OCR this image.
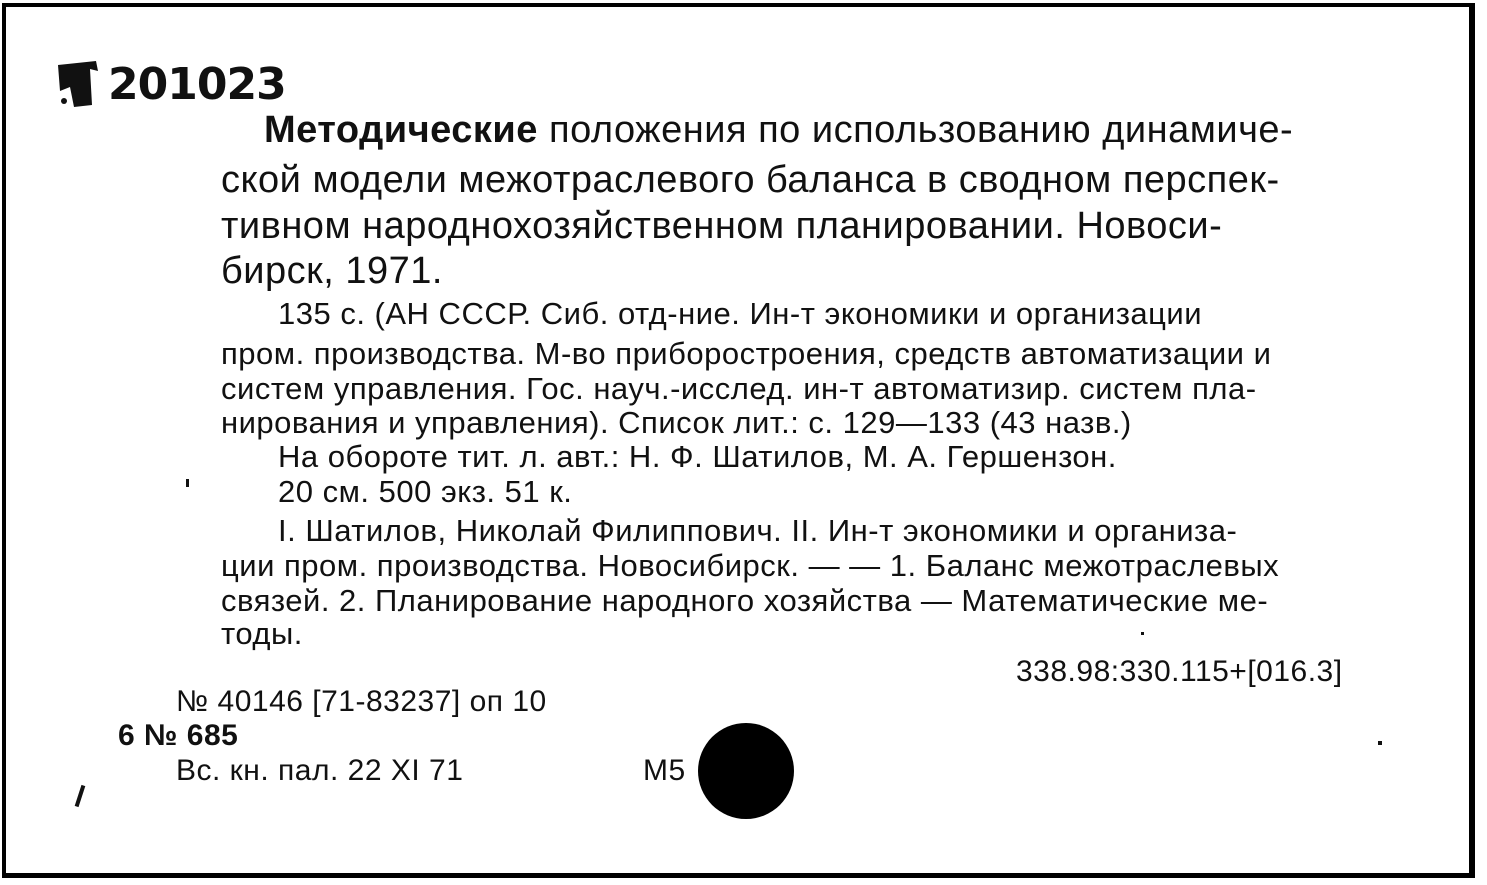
201023
Методические положения по использованию динамиче-
ской модели межотраслевого баланса в сводном перспек-
тивном народнохозяйственном планировании. Новоси-
бирск, 1971.
135 с. (АН СССР. Сиб. отд-ние. Ин-т экономики и организации
пром. производства. М-во приборостроения, средств автоматизации и
систем управления. Гос. науч.-исслед. ин-т автоматизир. систем пла-
нирования и управления). Список лит.: с. 129—133 (43 назв.)
На обороте тит. л. авт.: Н. Ф. Шатилов, М. А. Гершензон.
20 см. 500 экз. 51 к.
I. Шатилов, Николай Филиппович. II. Ин-т экономики и организа-
ции пром. производства. Новосибирск. — — 1. Баланс межотраслевых
связей. 2. Планирование народного хозяйства — Математические ме-
тоды.
338.98:330.115+[016.3]
№ 40146 [71-83237] оп 10
6 № 685
Вс. кн. пал. 22 XI 71	М5
